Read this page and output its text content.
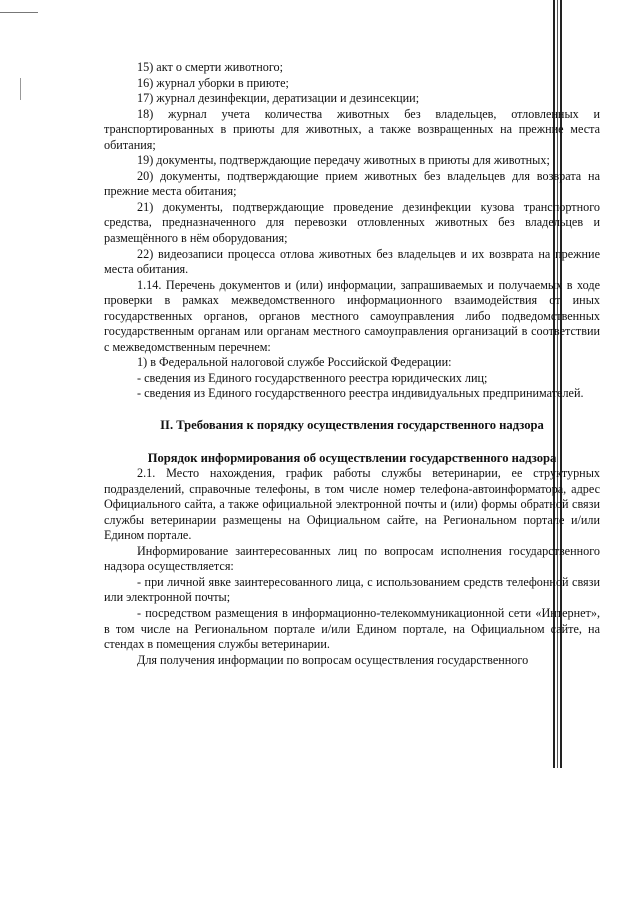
15) акт о смерти животного;

16) журнал уборки в приюте;

17) журнал дезинфекции, дератизации и дезинсекции;

18) журнал учета количества животных без владельцев, отловленных и транспортированных в приюты для животных, а также возвращенных на прежние места обитания;

19) документы, подтверждающие передачу животных в приюты для животных;

20) документы, подтверждающие прием животных без владельцев для возврата на прежние места обитания;

21) документы, подтверждающие проведение дезинфекции кузова транспортного средства, предназначенного для перевозки отловленных животных без владельцев и размещённого в нём оборудования;

22) видеозаписи процесса отлова животных без владельцев и их возврата на прежние места обитания.

1.14. Перечень документов и (или) информации, запрашиваемых и получаемых в ходе проверки в рамках межведомственного информационного взаимодействия от иных государственных органов, органов местного самоуправления либо подведомственных государственным органам или органам местного самоуправления организаций в соответствии с межведомственным перечнем:

1) в Федеральной налоговой службе Российской Федерации:

- сведения из Единого государственного реестра юридических лиц;

- сведения из Единого государственного реестра индивидуальных предпринимателей.

II. Требования к порядку осуществления государственного надзора
Порядок информирования об осуществлении государственного надзора

2.1. Место нахождения, график работы службы ветеринарии, ее структурных подразделений, справочные телефоны, в том числе номер телефона-автоинформатора, адрес Официального сайта, а также официальной электронной почты и (или) формы обратной связи службы ветеринарии размещены на Официальном сайте, на Региональном портале и/или Едином портале.

Информирование заинтересованных лиц по вопросам исполнения государственного надзора осуществляется:

- при личной явке заинтересованного лица, с использованием средств телефонной связи или электронной почты;

- посредством размещения в информационно-телекоммуникационной сети «Интернет», в том числе на Региональном портале и/или Едином портале, на Официальном сайте, на стендах в помещения службы ветеринарии.

Для получения информации по вопросам осуществления государственного
